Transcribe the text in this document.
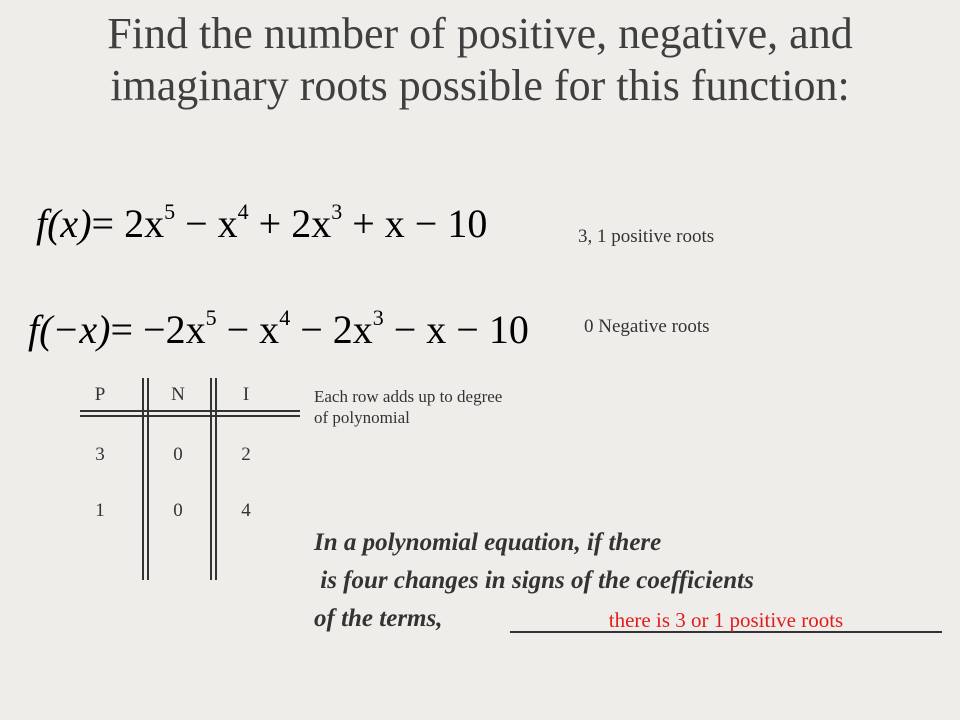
Find the number of positive, negative, and imaginary roots possible for this function:
$f(x)= 2x^5 - x^4 + 2x^3 + x - 10$	3, 1 positive roots
$f(-x)= -2x^5 - x^4 - 2x^3 - x - 10$	0 Negative roots
P	N	I
3	0	2
1	0	4
Each row adds up to degree of polynomial
In a polynomial equation, if there
is four changes in signs of the coefficients
of the terms,	there is 3 or 1 positive roots
